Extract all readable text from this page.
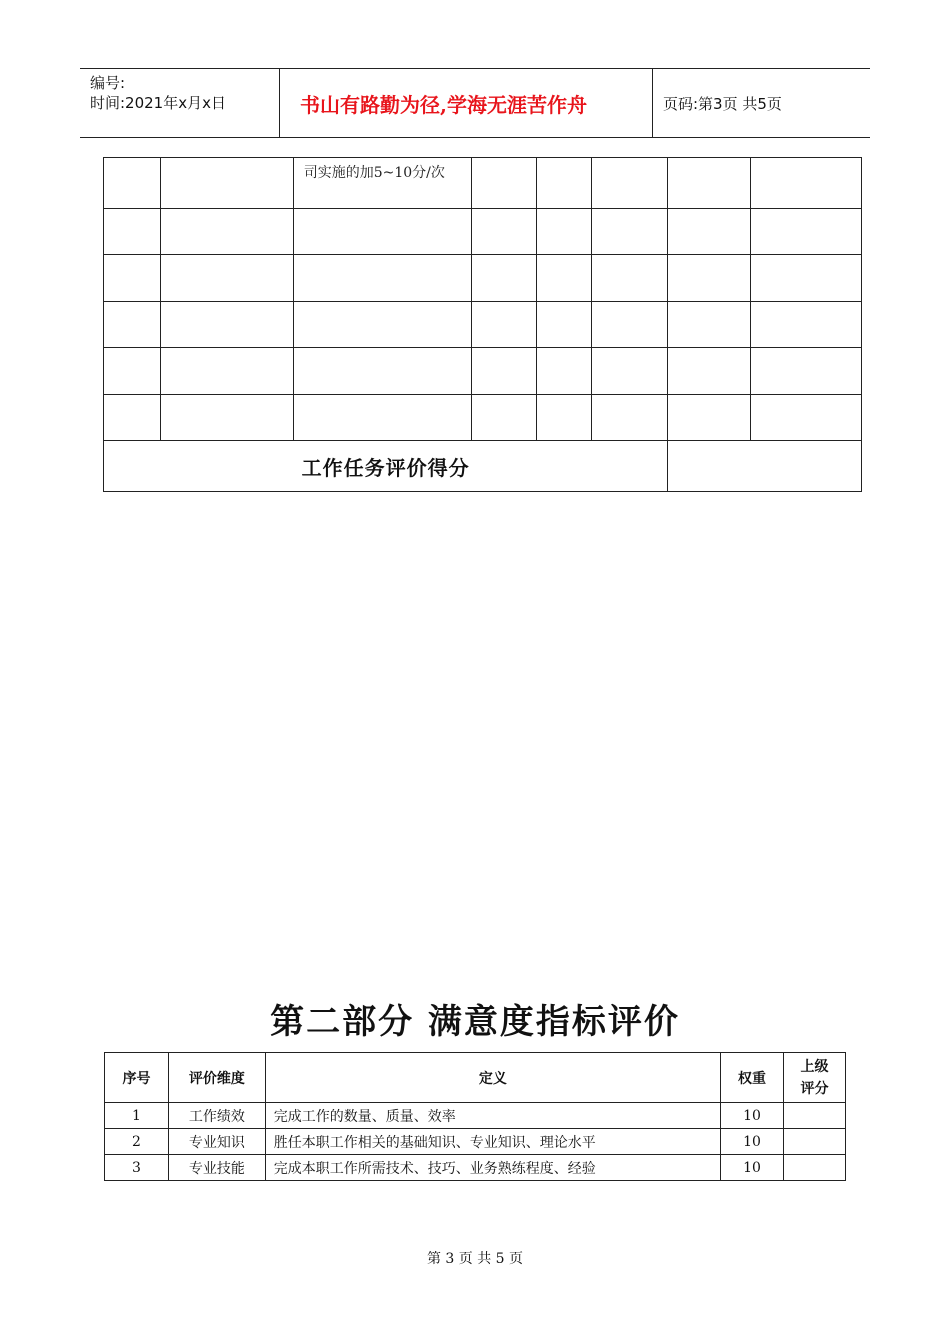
编号:
时间:2021年x月x日	书山有路勤为径,学海无涯苦作舟	页码:第3页 共5页

		司实施的加5~10分/次					

工作任务评价得分							
第二部分 满意度指标评价
序号	评价维度	定义	权重	上级评分

1	工作绩效	完成工作的数量、质量、效率	10	
2	专业知识	胜任本职工作相关的基础知识、专业知识、理论水平	10	
3	专业技能	完成本职工作所需技术、技巧、业务熟练程度、经验	10	
第 3 页 共 5 页
